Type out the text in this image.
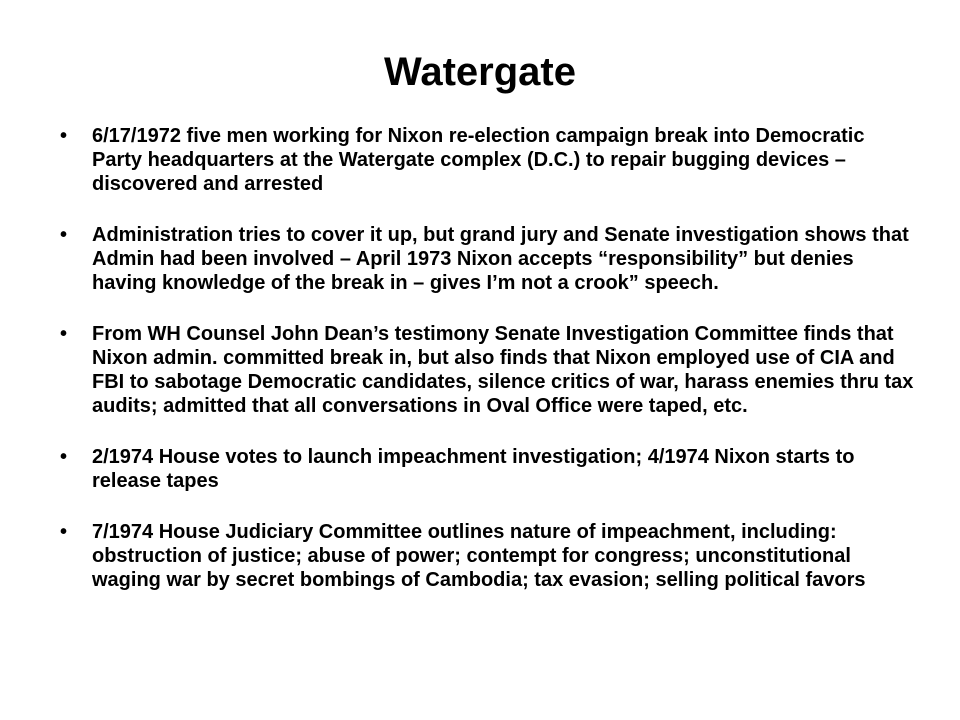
Watergate
•	6/17/1972 five men working for Nixon re-election campaign break into Democratic Party headquarters at the Watergate complex (D.C.) to repair bugging devices – discovered and arrested
•	Administration tries to cover it up, but grand jury and Senate investigation shows that Admin had been involved – April 1973 Nixon accepts “responsibility” but denies having knowledge of the break in – gives I’m not a crook” speech.
•	From WH Counsel John Dean’s testimony Senate Investigation Committee finds that Nixon admin. committed break in, but also finds that Nixon employed use of CIA and FBI to sabotage Democratic candidates, silence critics of war, harass enemies thru tax audits; admitted that all conversations in Oval Office were taped, etc.
•	2/1974 House votes to launch impeachment investigation; 4/1974 Nixon starts to release tapes
•	7/1974 House Judiciary Committee outlines nature of impeachment, including: obstruction of justice; abuse of power; contempt for congress; unconstitutional waging war by secret bombings of Cambodia; tax evasion; selling political favors
